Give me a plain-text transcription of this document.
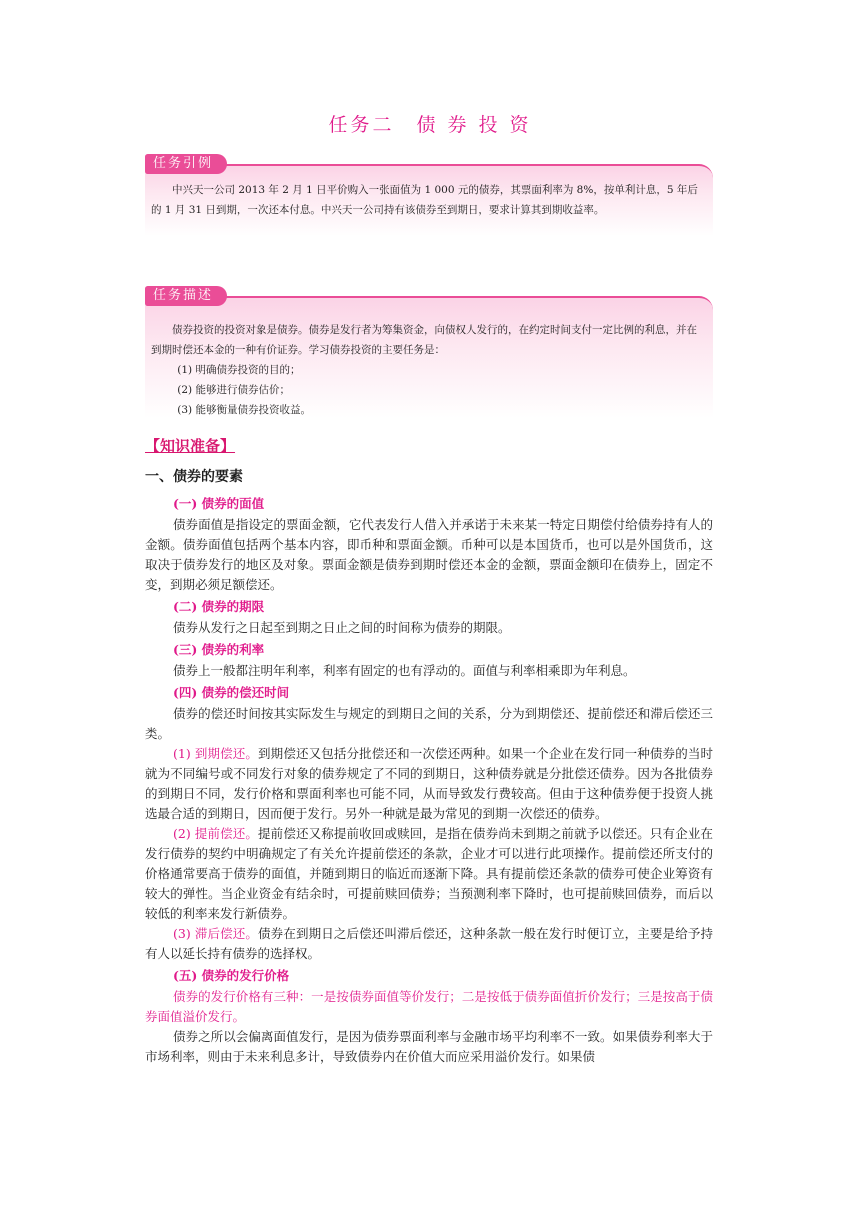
任务二　债 券 投 资
任务引例

中兴天一公司 2013 年 2 月 1 日平价购入一张面值为 1 000 元的债券，其票面利率为 8%，按单利计息，5 年后的 1 月 31 日到期，一次还本付息。中兴天一公司持有该债券至到期日，要求计算其到期收益率。

任务描述

债券投资的投资对象是债券。债券是发行者为筹集资金，向债权人发行的，在约定时间支付一定比例的利息，并在到期时偿还本金的一种有价证券。学习债券投资的主要任务是：

(1) 明确债券投资的目的；

(2) 能够进行债券估价；

(3) 能够衡量债券投资收益。

【知识准备】
一、债券的要素
(一) 债券的面值

债券面值是指设定的票面金额，它代表发行人借入并承诺于未来某一特定日期偿付给债券持有人的金额。债券面值包括两个基本内容，即币种和票面金额。币种可以是本国货币，也可以是外国货币，这取决于债券发行的地区及对象。票面金额是债券到期时偿还本金的金额，票面金额印在债券上，固定不变，到期必须足额偿还。

(二) 债券的期限

债券从发行之日起至到期之日止之间的时间称为债券的期限。

(三) 债券的利率

债券上一般都注明年利率，利率有固定的也有浮动的。面值与利率相乘即为年利息。

(四) 债券的偿还时间

债券的偿还时间按其实际发生与规定的到期日之间的关系，分为到期偿还、提前偿还和滞后偿还三类。

(1) 到期偿还。到期偿还又包括分批偿还和一次偿还两种。如果一个企业在发行同一种债券的当时就为不同编号或不同发行对象的债券规定了不同的到期日，这种债券就是分批偿还债券。因为各批债券的到期日不同，发行价格和票面利率也可能不同，从而导致发行费较高。但由于这种债券便于投资人挑选最合适的到期日，因而便于发行。另外一种就是最为常见的到期一次偿还的债券。

(2) 提前偿还。提前偿还又称提前收回或赎回，是指在债券尚未到期之前就予以偿还。只有企业在发行债券的契约中明确规定了有关允许提前偿还的条款，企业才可以进行此项操作。提前偿还所支付的价格通常要高于债券的面值，并随到期日的临近而逐渐下降。具有提前偿还条款的债券可使企业筹资有较大的弹性。当企业资金有结余时，可提前赎回债券；当预测利率下降时，也可提前赎回债券，而后以较低的利率来发行新债券。

(3) 滞后偿还。债券在到期日之后偿还叫滞后偿还，这种条款一般在发行时便订立，主要是给予持有人以延长持有债券的选择权。

(五) 债券的发行价格

债券的发行价格有三种：一是按债券面值等价发行；二是按低于债券面值折价发行；三是按高于债券面值溢价发行。

债券之所以会偏离面值发行，是因为债券票面利率与金融市场平均利率不一致。如果债券利率大于市场利率，则由于未来利息多计，导致债券内在价值大而应采用溢价发行。如果债
